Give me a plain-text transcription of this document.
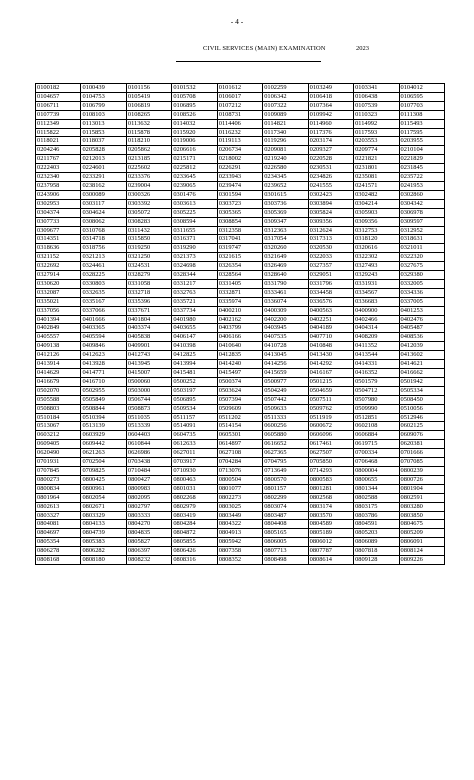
- 4 -
CIVIL SERVICES (MAIN) EXAMINATION	2023
0100182	0100439	0101156	0101532	0101612	0102259	0103249	0103341	0104012
0104657	0104753	0105419	0105708	0106017	0106342	0106418	0106438	0106595
0106711	0106799	0106819	0106895	0107212	0107322	0107364	0107539	0107703
0107739	0108103	0108265	0108526	0108731	0109089	0109942	0110323	0111308
0112349	0113013	0113632	0114032	0114406	0114821	0114960	0114992	0115493
0115822	0115853	0115878	0115920	0116232	0117340	0117376	0117593	0117595
0118021	0118037	0118210	0119006	0119113	0119296	0203174	0203553	0203955
0204246	0205828	0205862	0206616	0206734	0209081	0209327	0209774	0210104
0211767	0212013	0213185	0215171	0218002	0219240	0220528	0221821	0221829
0222403	0224601	0225602	0225812	0226291	0226580	0230531	0231801	0231845
0232340	0233291	0233376	0233645	0233943	0234345	0234826	0235081	0235722
0237958	0238162	0239004	0239065	0239474	0239652	0241555	0241571	0241953
0243906	0300089	0300326	0301476	0301594	0301615	0302423	0302482	0302860
0302953	0303117	0303392	0303613	0303723	0303736	0303894	0304214	0304342
0304374	0304624	0305072	0305225	0305365	0305369	0305824	0305903	0306978
0307733	0308062	0308283	0308594	0308854	0309347	0309356	0309356	0309597
0309677	0310768	0311432	0311655	0312358	0312363	0312624	0312753	0312952
0314351	0314718	0315850	0316371	0317041	0317054	0317313	0318120	0318631
0318636	0318756	0319250	0319290	0319747	0320260	0320530	0320616	0321011
0321152	0321213	0321250	0321373	0321615	0321649	0322033	0322302	0322320
0322692	0324461	0324531	0324698	0326354	0326469	0327357	0327493	0327675
0327914	0328225	0328279	0328344	0328564	0328640	0329051	0329243	0329380
0330620	0330803	0331058	0331217	0331405	0331790	0331796	0331931	0332005
0332087	0332635	0332718	0332763	0332871	0333461	0334458	0334567	0334336
0335021	0335167	0335396	0335721	0335974	0336074	0336576	0336683	0337005
0337056	0337066	0337671	0337734	0400210	0400309	0400563	0400900	0401253
0401394	0401666	0401804	0401980	0402162	0402200	0402251	0402466	0402476
0402849	0403365	0403374	0403655	0403799	0403945	0404189	0404314	0405487
0405557	0405594	0405838	0406147	0406166	0407535	0407710	0408209	0408536
0409138	0409846	0409901	0410398	0410640	0410728	0410848	0411352	0412039
0412126	0412623	0412743	0412825	0412835	0413045	0413430	0413544	0413602
0413914	0413928	0413945	0413994	0414240	0414256	0414292	0414331	0414621
0414629	0414771	0415007	0415481	0415497	0415659	0416167	0416352	0416662
0416679	0416710	0500060	0500252	0500374	0500977	0501215	0501579	0501942
0502070	0502955	0503000	0503197	0503624	0504249	0504659	0504712	0505334
0505588	0505849	0506744	0506895	0507394	0507442	0507511	0507980	0508450
0508803	0508844	0508873	0509534	0509609	0509633	0509762	0509990	0510056
0510184	0510394	0511035	0511157	0511202	0511333	0511919	0512851	0512946
0513067	0513139	0513339	0514091	0514154	0600256	0600672	0602108	0602125
0603212	0603929	0604403	0604735	0605301	0605880	0606096	0606884	0609076
0609405	0609442	0610844	0612633	0614897	0616652	0617461	0619715	0620381
0620490	0621263	0626986	0627011	0627108	0627365	0627507	0700334	0701666
0701931	0702504	0703438	0703917	0704284	0704795	0705850	0706468	0707085
0707845	0709825	0710484	0710930	0713076	0713649	0714293	0800004	0800239
0800273	0800425	0800427	0800463	0800504	0800570	0800583	0800655	0800726
0800834	0800961	0800983	0801031	0801077	0801157	0801281	0801344	0801904
0801964	0802054	0802095	0802268	0802273	0802299	0802568	0802588	0802591
0802613	0802671	0802797	0802979	0803025	0803074	0803174	0803175	0803280
0803327	0803329	0803333	0803419	0803449	0803487	0803570	0803786	0803850
0804081	0804133	0804270	0804284	0804322	0804408	0804589	0804591	0804675
0804697	0804739	0804835	0804872	0804913	0805165	0805189	0805203	0805209
0805354	0805383	0805827	0805855	0805942	0806005	0806012	0806089	0806091
0806278	0806282	0806397	0806426	0807358	0807713	0807787	0807818	0808124
0808168	0808180	0808232	0808316	0808352	0808498	0808614	0809128	0809226
